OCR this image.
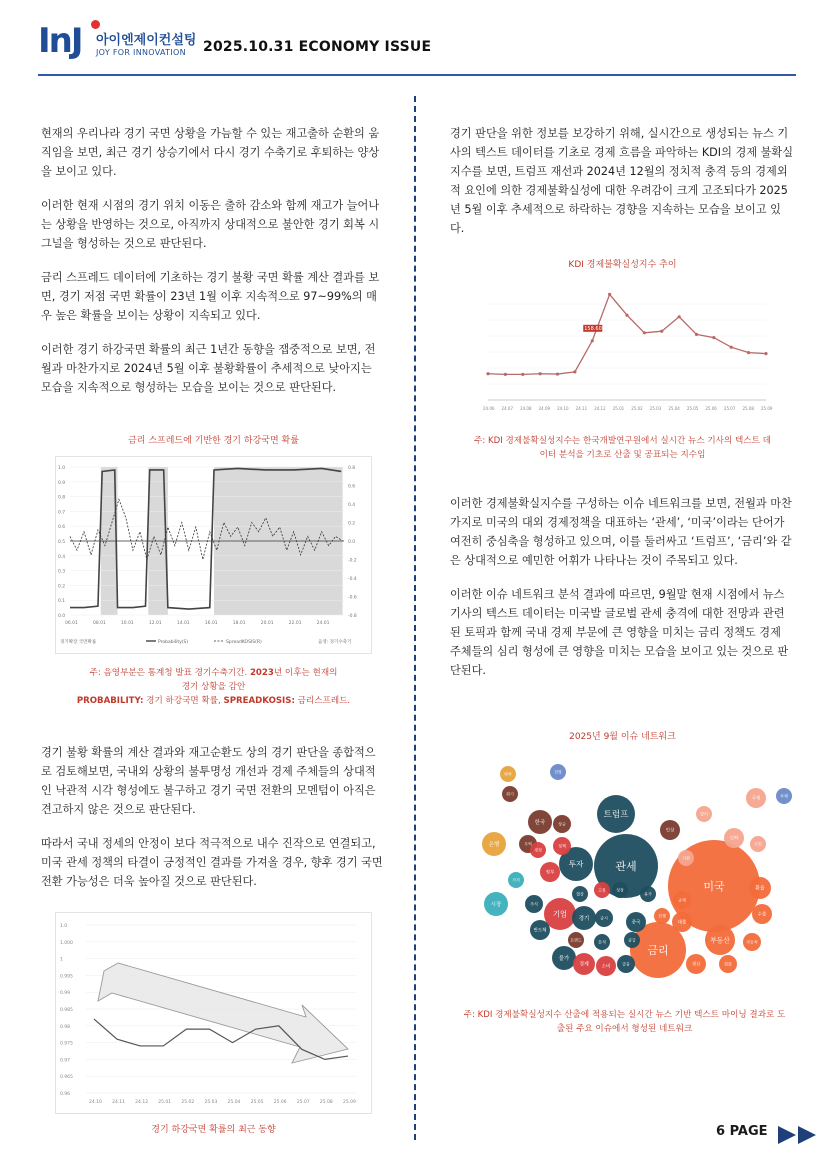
InJ 아이엔제이컨설팅
JOY FOR INNOVATION 2025.10.31 ECONOMY ISSUE

현재의 우리나라 경기 국면 상황을 가늠할 수 있는 재고출하 순환의 움직임을 보면, 최근 경기 상승기에서 다시 경기 수축기로 후퇴하는 양상을 보이고 있다.

이러한 현재 시점의 경기 위치 이동은 출하 감소와 함께 재고가 늘어나는 상황을 반영하는 것으로, 아직까지 상대적으로 불안한 경기 회복 시그널을 형성하는 것으로 판단된다.

금리 스프레드 데이터에 기초하는 경기 불황 국면 확률 계산 결과를 보면, 경기 저점 국면 확률이 23년 1월 이후 지속적으로 97~99%의 매우 높은 확률을 보이는 상황이 지속되고 있다.

이러한 경기 하강국면 확률의 최근 1년간 동향을 잽중적으로 보면, 전월과 마찬가지로 2024년 5월 이후 불황확률이 추세적으로 낮아지는 모습을 지속적으로 형성하는 모습을 보이는 것으로 판단된다.

금리 스프레드에 기반한 경기 하강국면 확률
0.0
0.1
0.2
0.3
0.4
0.5
0.6
0.7
0.8
0.9
1.0
-0.8
-0.6
-0.4
-0.2
0.0
0.2
0.4
0.6
0.8
06.01	08.01	10.01	12.01	14.01	16.01	18.01	20.01	22.01	24.01
경기확장 국면확률	Probability(S)	SpreadKOSIS(R)	음영: 경기수축기
주: 음영부분은 통계청 발표 경기수축기간. 2023년 이후는 현재의
경기 상황을 감안
PROBABILITY: 경기 하강국면 확률, SPREADKOSIS: 금리스프레드.

경기 불황 확률의 계산 결과와 재고순환도 상의 경기 판단을 종합적으로 검토해보면, 국내외 상황의 불투명성 개선과 경제 주체들의 상대적인 낙관적 시각 형성에도 불구하고 경기 국면 전환의 모멘텀이 아직은 견고하지 않은 것으로 판단된다.

따라서 국내 정세의 안정이 보다 적극적으로 내수 진작으로 연결되고, 미국 관세 정책의 타결이 긍정적인 결과를 가져올 경우, 향후 경기 국면 전환 가능성은 더욱 높아질 것으로 판단된다.

1.0
1.000
1
0.995
0.99
0.985
0.98
0.975
0.97
0.965
0.96
24.10 24.11 24.12 25.01 25.02 25.03 25.04 25.05 25.06 25.07 25.08 25.09
경기 하강국면 확률의 최근 동향

경기 판단을 위한 정보를 보강하기 위해, 실시간으로 생성되는 뉴스 기사의 텍스트 데이터를 기초로 경제 흐름을 파악하는 KDI의 경제 불확실지수를 보면, 트럼프 재선과 2024년 12월의 정치적 충격 등의 경제외적 요인에 의한 경제불확실성에 대한 우려감이 크게 고조되다가 2025년 5월 이후 추세적으로 하락하는 경향을 지속하는 모습을 보이고 있다.

KDI 경제불확실성지수 추이
158.60
24.06 24.07 24.08 24.09 24.10 24.11 24.12 25.01 25.02 25.03 25.04 25.05 25.06 25.07 25.08 25.09
주: KDI 경제불확실성지수는 한국개발연구원에서 실시간 뉴스 기사의 텍스트 데이터 분석을 기초로 산출 및 공표되는 지수임

이러한 경제불확실지수를 구성하는 이슈 네트워크를 보면, 전월과 마찬가지로 미국의 대외 경제정책을 대표하는 ‘관세’, ‘미국’이라는 단어가 여전히 중심축을 형성하고 있으며, 이를 둘러싸고 ‘트럼프’, ‘금리’와 같은 상대적으로 예민한 어휘가 나타나는 것이 주목되고 있다.

이러한 이슈 네트워크 분석 결과에 따르면, 9월말 현재 시점에서 뉴스 기사의 텍스트 데이터는 미국발 글로벌 관세 충격에 대한 전망과 관련된 토픽과 함께 국내 경제 부문에 큰 영향을 미치는 금리 정책도 경제 주체들의 심리 형성에 큰 영향을 미치는 모습을 보이고 있는 것으로 판단된다.

2025년 9월 이슈 네트워크
관세
미국
금리
트럼프
투자
기업
경기
부동산
환율
중국
수출
인상
정부
증시
대출
한국	상승
정책
무역
주식
반도체
물가
경제	소비
금융
시장
가격
은행
하락	전망
부채
국채
달러
인하
수입
협상
고용
위기
재정
성장
유가
지원
규제
생산	원화
자동차
트렌드	공급
분석
전쟁
주: KDI 경제불확실성지수 산출에 적용되는 실시간 뉴스 기반 텍스트 마이닝 결과로 도출된 주요 이슈에서 형성된 네트워크
6 PAGE
